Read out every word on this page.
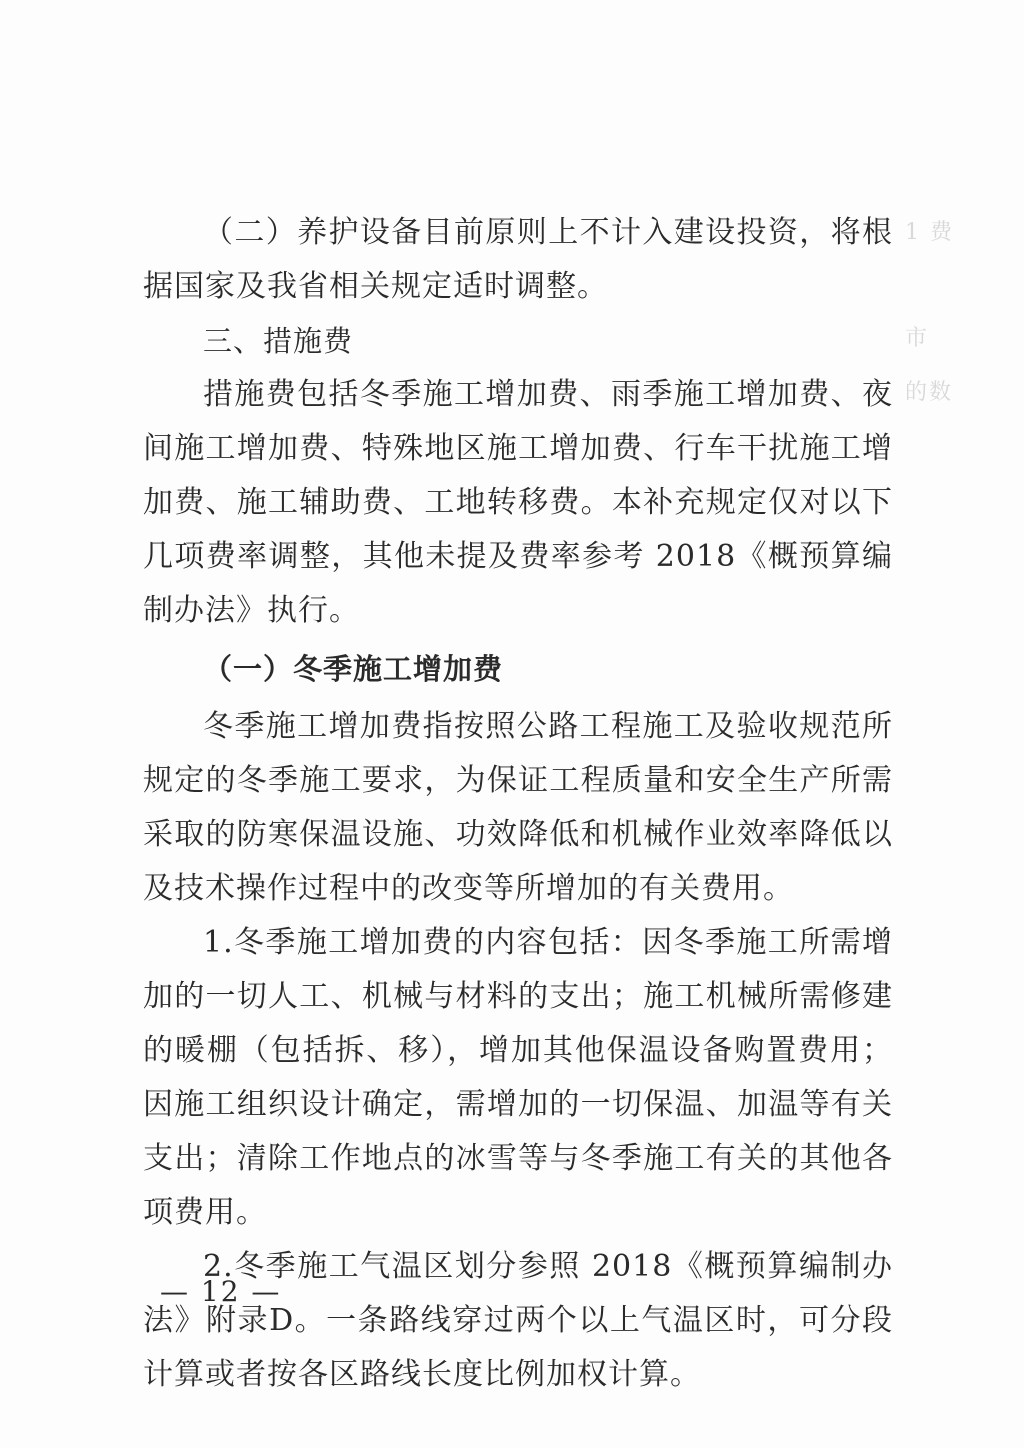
1 费
市
的数

（二）养护设备目前原则上不计入建设投资，将根据国家及我省相关规定适时调整。

三、措施费

措施费包括冬季施工增加费、雨季施工增加费、夜间施工增加费、特殊地区施工增加费、行车干扰施工增加费、施工辅助费、工地转移费。本补充规定仅对以下几项费率调整，其他未提及费率参考 2018《概预算编制办法》执行。

（一）冬季施工增加费

冬季施工增加费指按照公路工程施工及验收规范所规定的冬季施工要求，为保证工程质量和安全生产所需采取的防寒保温设施、功效降低和机械作业效率降低以及技术操作过程中的改变等所增加的有关费用。

1.冬季施工增加费的内容包括：因冬季施工所需增加的一切人工、机械与材料的支出；施工机械所需修建的暖棚（包括拆、移），增加其他保温设备购置费用；因施工组织设计确定，需增加的一切保温、加温等有关支出；清除工作地点的冰雪等与冬季施工有关的其他各项费用。

2.冬季施工气温区划分参照 2018《概预算编制办法》附录D。一条路线穿过两个以上气温区时，可分段计算或者按各区路线长度比例加权计算。

— 12 —
